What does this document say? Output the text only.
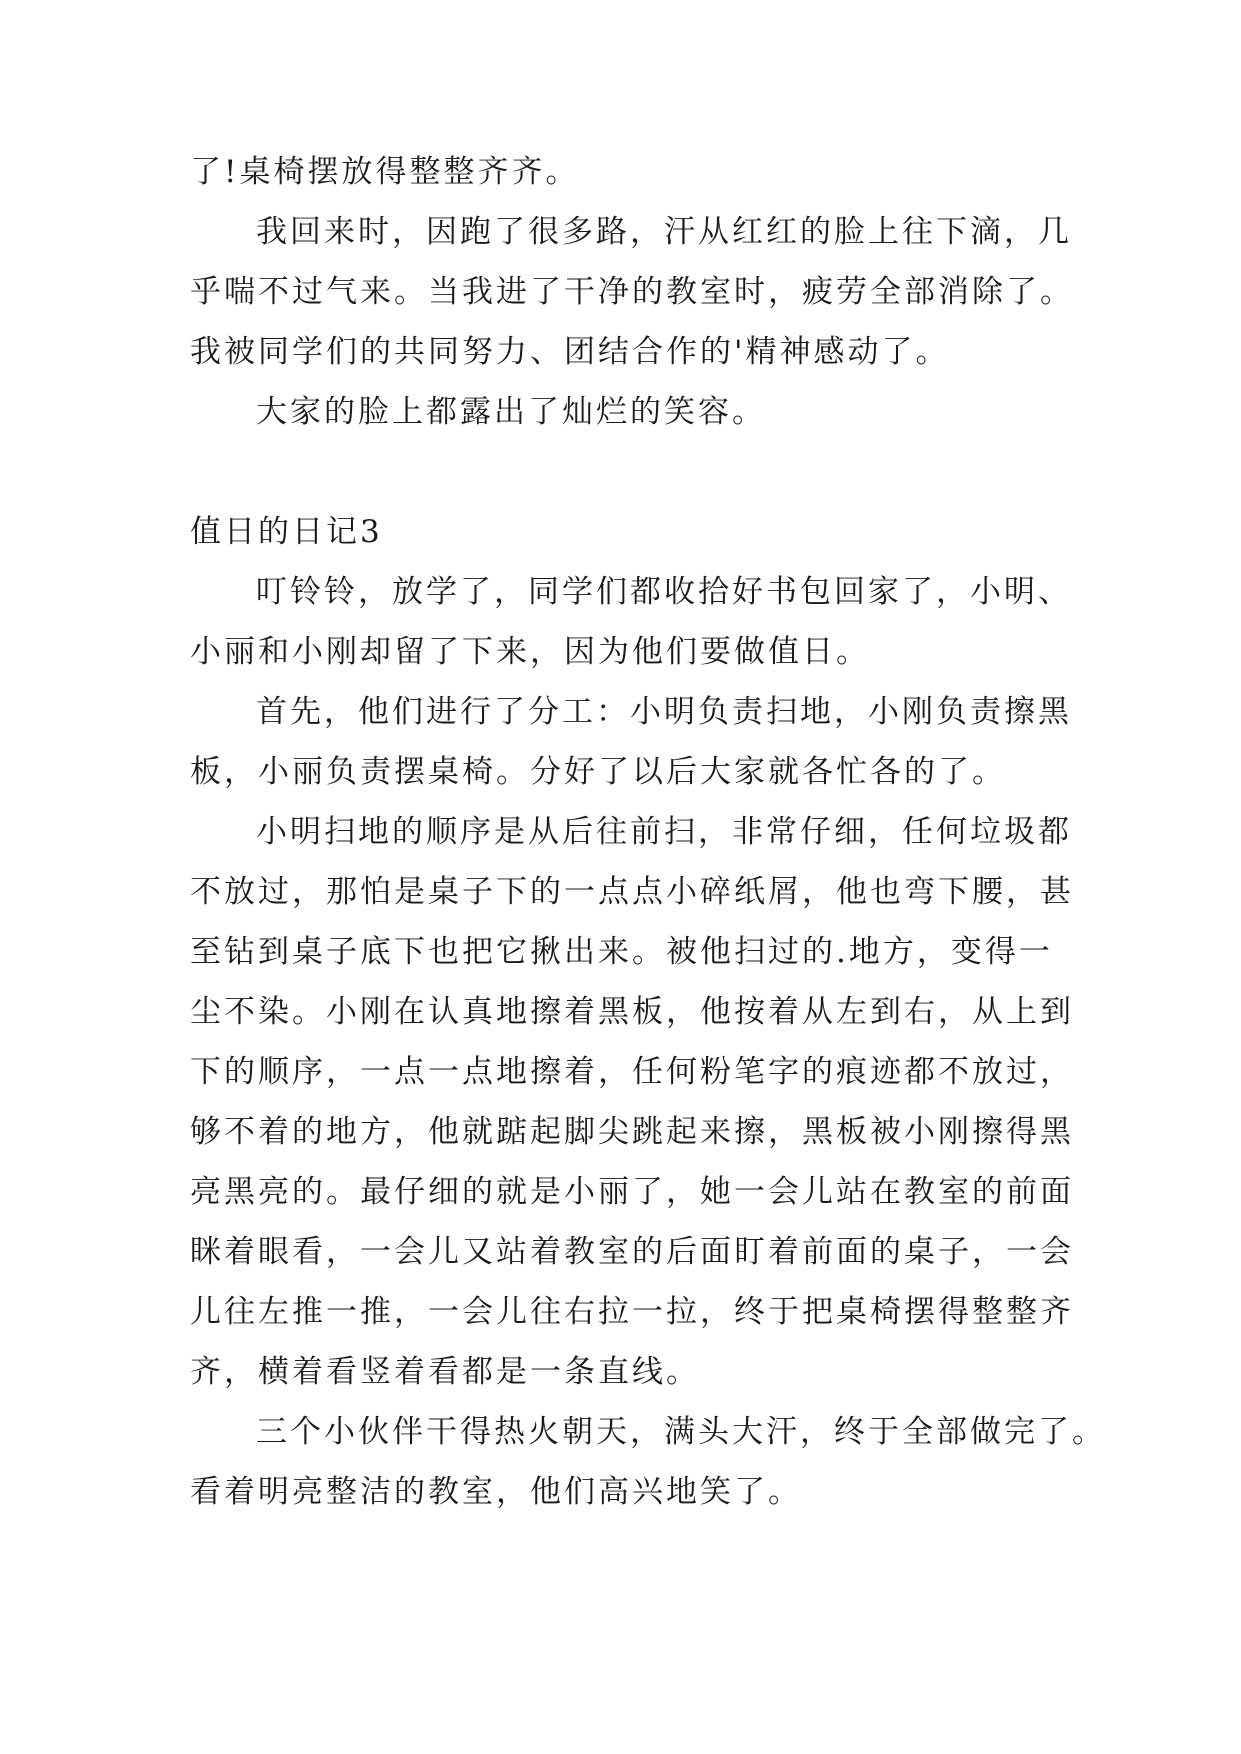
了!桌椅摆放得整整齐齐。
我回来时，因跑了很多路，汗从红红的脸上往下滴，几
乎喘不过气来。当我进了干净的教室时，疲劳全部消除了。
我被同学们的共同努力、团结合作的'精神感动了。
大家的脸上都露出了灿烂的笑容。
值日的日记3
叮铃铃，放学了，同学们都收拾好书包回家了，小明、
小丽和小刚却留了下来，因为他们要做值日。
首先，他们进行了分工：小明负责扫地，小刚负责擦黑
板，小丽负责摆桌椅。分好了以后大家就各忙各的了。
小明扫地的顺序是从后往前扫，非常仔细，任何垃圾都
不放过，那怕是桌子下的一点点小碎纸屑，他也弯下腰，甚
至钻到桌子底下也把它揪出来。被他扫过的.地方，变得一
尘不染。小刚在认真地擦着黑板，他按着从左到右，从上到
下的顺序，一点一点地擦着，任何粉笔字的痕迹都不放过，
够不着的地方，他就踮起脚尖跳起来擦，黑板被小刚擦得黑
亮黑亮的。最仔细的就是小丽了，她一会儿站在教室的前面
眯着眼看，一会儿又站着教室的后面盯着前面的桌子，一会
儿往左推一推，一会儿往右拉一拉，终于把桌椅摆得整整齐
齐，横着看竖着看都是一条直线。
三个小伙伴干得热火朝天，满头大汗，终于全部做完了。
看着明亮整洁的教室，他们高兴地笑了。
